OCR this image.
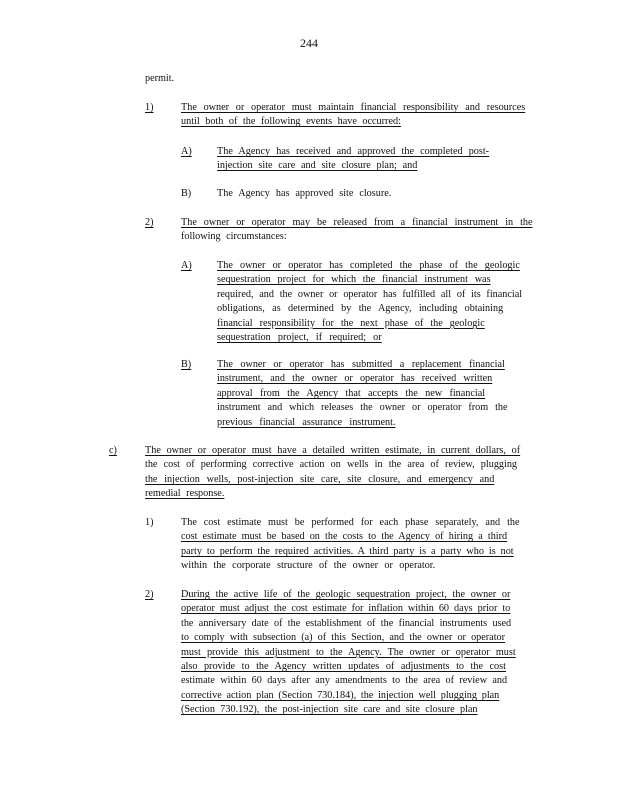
244
permit.
1)	The owner or operator must maintain financial responsibility and resources
until both of the following events have occurred:
A) The Agency has received and approved the completed post-
injection site care and site closure plan; and
B)	The Agency has approved site closure.
2)	The owner or operator may be released from a financial instrument in the
following circumstances:
A) The owner or operator has completed the phase of the geologic
sequestration project for which the financial instrument was
required, and the owner or operator has fulfilled all of its financial
obligations, as determined by the Agency, including obtaining
financial responsibility for the next phase of the geologic
sequestration project, if required; or
B)	The owner or operator has submitted a replacement financial
instrument, and the owner or operator has received written
approval from the Agency that accepts the new financial
instrument and which releases the owner or operator from the
previous financial assurance instrument.
c)	The owner or operator must have a detailed written estimate, in current dollars, of
the cost of performing corrective action on wells in the area of review, plugging
the injection wells, post-injection site care, site closure, and emergency and
remedial response.
1)	The cost estimate must be performed for each phase separately, and the
cost estimate must be based on the costs to the Agency of hiring a third
party to perform the required activities. A third party is a party who is not
within the corporate structure of the owner or operator.
2)	During the active life of the geologic sequestration project, the owner or
operator must adjust the cost estimate for inflation within 60 days prior to
the anniversary date of the establishment of the financial instruments used
to comply with subsection (a) of this Section, and the owner or operator
must provide this adjustment to the Agency. The owner or operator must
also provide to the Agency written updates of adjustments to the cost
estimate within 60 days after any amendments to the area of review and
corrective action plan (Section 730.184), the injection well plugging plan
(Section 730.192), the post-injection site care and site closure plan
